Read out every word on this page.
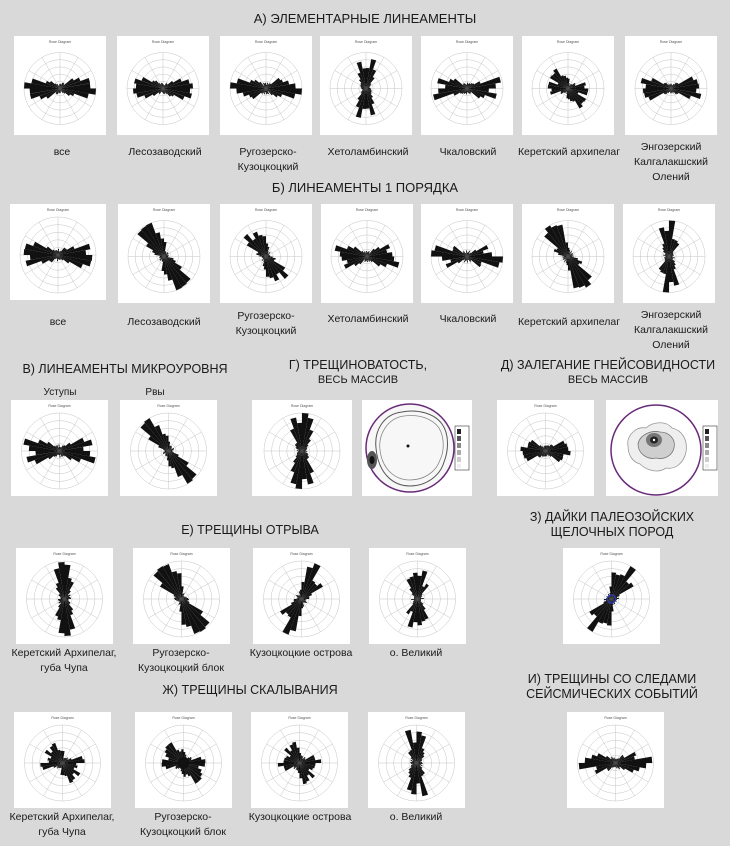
А) ЭЛЕМЕНТАРНЫЕ ЛИНЕАМЕНТЫ
Б) ЛИНЕАМЕНТЫ 1 ПОРЯДКА
В) ЛИНЕАМЕНТЫ МИКРОУРОВНЯ	Г) ТРЕЩИНОВАТОСТЬ,
ВЕСЬ МАССИВ
Д) ЗАЛЕГАНИЕ ГНЕЙСОВИДНОСТИ
ВЕСЬ МАССИВ
Е) ТРЕЩИНЫ ОТРЫВА
З) ДАЙКИ ПАЛЕОЗОЙСКИХ
ЩЕЛОЧНЫХ ПОРОД
Ж) ТРЕЩИНЫ СКАЛЫВАНИЯ
И) ТРЕЩИНЫ СО СЛЕДАМИ
СЕЙСМИЧЕСКИХ СОБЫТИЙ
Rose Diagram	Rose Diagram	Rose Diagram	Rose Diagram	Rose Diagram	Rose Diagram	Rose Diagram
все	Лесозаводский	Ругозерско-
Кузоцкоцкий
Хетоламбинский	Чкаловский Керетский архипелаг	Энгозерский
Калгалакшский
Олений
Rose Diagram	Rose Diagram	Rose Diagram	Rose Diagram	Rose Diagram	Rose Diagram	Rose Diagram
все	Лесозаводский	Ругозерско-
Кузоцкоцкий
Хетоламбинский	Чкаловский Керетский архипелаг
Энгозерский
Калгалакшский
Олений
Уступы	Рвы
Rose Diagram	Rose Diagram	Rose Diagram	Rose Diagram
Rose Diagram	Rose Diagram	Rose Diagram	Rose Diagram
Керетский Архипелаг,
губа Чупа
Ругозерско-
Кузоцкоцкий блок
Кузоцкоцкие острова	о. Великий
Rose Diagram
Rose Diagram	Rose Diagram	Rose Diagram	Rose Diagram
Керетский Архипелаг,
губа Чупа
Ругозерско-
Кузоцкоцкий блок
Кузоцкоцкие острова	о. Великий
Rose Diagram
